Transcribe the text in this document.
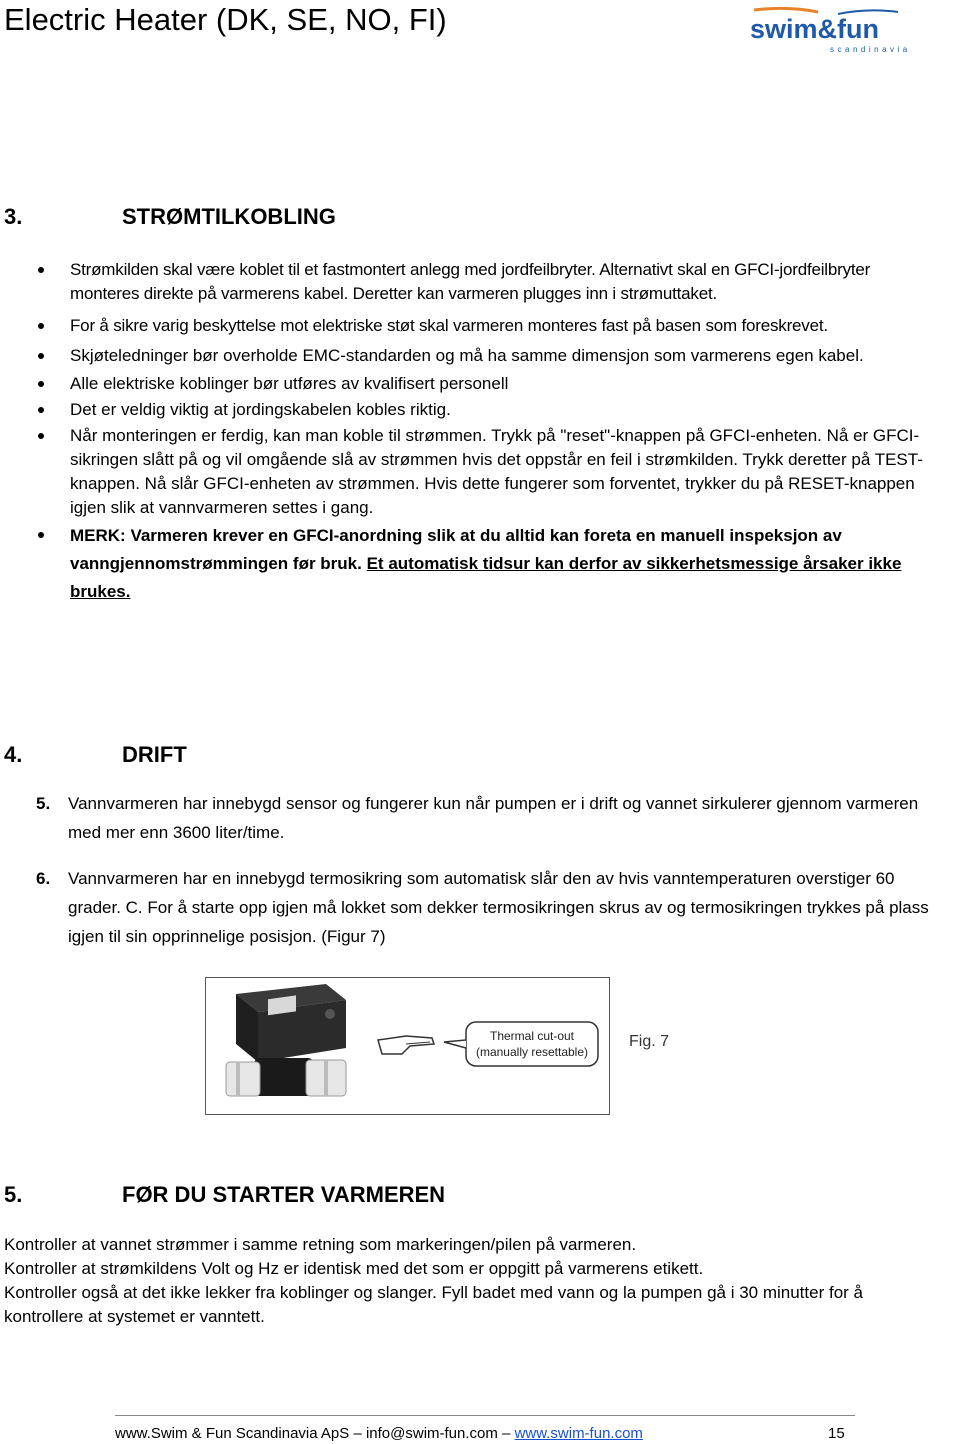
Electric Heater (DK, SE, NO, FI)	swim&fun
scandinavia
3.	STRØMTILKOBLING
Strømkilden skal være koblet til et fastmontert anlegg med jordfeilbryter. Alternativt skal en GFCI-jordfeilbryter monteres direkte på varmerens kabel. Deretter kan varmeren plugges inn i strømuttaket.
For å sikre varig beskyttelse mot elektriske støt skal varmeren monteres fast på basen som foreskrevet.
Skjøteledninger bør overholde EMC-standarden og må ha samme dimensjon som varmerens egen kabel.
Alle elektriske koblinger bør utføres av kvalifisert personell
Det er veldig viktig at jordingskabelen kobles riktig.
Når monteringen er ferdig, kan man koble til strømmen. Trykk på "reset"-knappen på GFCI-enheten. Nå er GFCI-sikringen slått på og vil omgående slå av strømmen hvis det oppstår en feil i strømkilden. Trykk deretter på TEST-knappen. Nå slår GFCI-enheten av strømmen. Hvis dette fungerer som forventet, trykker du på RESET-knappen igjen slik at vannvarmeren settes i gang.
MERK: Varmeren krever en GFCI-anordning slik at du alltid kan foreta en manuell inspeksjon av vanngjennomstrømmingen før bruk. Et automatisk tidsur kan derfor av sikkerhetsmessige årsaker ikke brukes.
4.	DRIFT
5. Vannvarmeren har innebygd sensor og fungerer kun når pumpen er i drift og vannet sirkulerer gjennom varmeren med mer enn 3600 liter/time.
6. Vannvarmeren har en innebygd termosikring som automatisk slår den av hvis vanntemperaturen overstiger 60 grader. C. For å starte opp igjen må lokket som dekker termosikringen skrus av og termosikringen trykkes på plass igjen til sin opprinnelige posisjon. (Figur 7)
Thermal cut-out
(manually resettable)
Fig. 7
5.	FØR DU STARTER VARMEREN
Kontroller at vannet strømmer i samme retning som markeringen/pilen på varmeren.
Kontroller at strømkildens Volt og Hz er identisk med det som er oppgitt på varmerens etikett.
Kontroller også at det ikke lekker fra koblinger og slanger. Fyll badet med vann og la pumpen gå i 30 minutter for å kontrollere at systemet er vanntett.
www.Swim & Fun Scandinavia ApS – info@swim-fun.com – www.swim-fun.com	15
